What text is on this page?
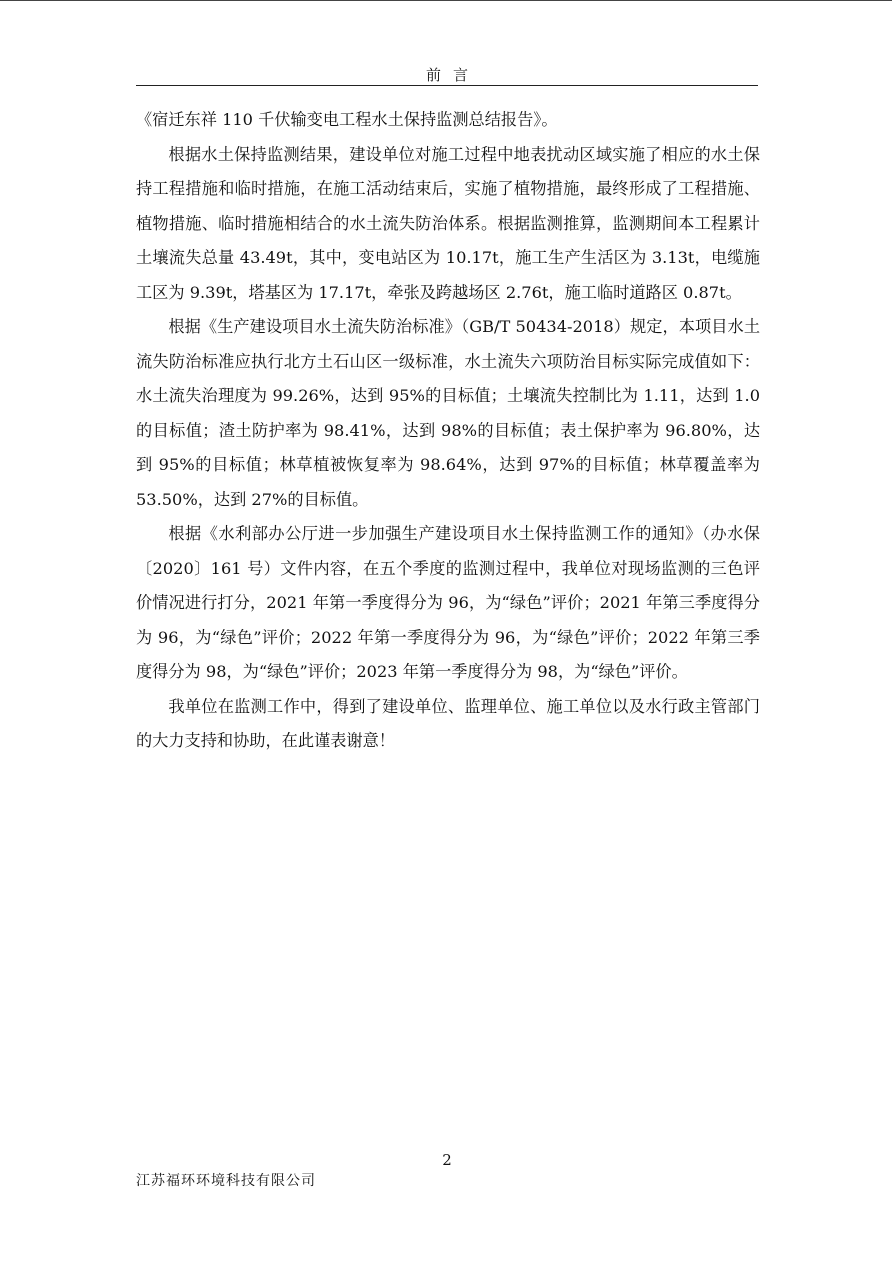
前言

《宿迁东祥 110 千伏输变电工程水土保持监测总结报告》。

根据水土保持监测结果，建设单位对施工过程中地表扰动区域实施了相应的水土保持工程措施和临时措施，在施工活动结束后，实施了植物措施，最终形成了工程措施、植物措施、临时措施相结合的水土流失防治体系。根据监测推算，监测期间本工程累计土壤流失总量 43.49t，其中，变电站区为 10.17t，施工生产生活区为 3.13t，电缆施工区为 9.39t，塔基区为 17.17t，牵张及跨越场区 2.76t，施工临时道路区 0.87t。

根据《生产建设项目水土流失防治标准》（GB/T 50434-2018）规定，本项目水土流失防治标准应执行北方土石山区一级标准，水土流失六项防治目标实际完成值如下：水土流失治理度为 99.26%，达到 95%的目标值；土壤流失控制比为 1.11，达到 1.0 的目标值；渣土防护率为 98.41%，达到 98%的目标值；表土保护率为 96.80%，达到 95%的目标值；林草植被恢复率为 98.64%，达到 97%的目标值；林草覆盖率为 53.50%，达到 27%的目标值。

根据《水利部办公厅进一步加强生产建设项目水土保持监测工作的通知》（办水保〔2020〕161 号）文件内容，在五个季度的监测过程中，我单位对现场监测的三色评价情况进行打分，2021 年第一季度得分为 96，为“绿色”评价；2021 年第三季度得分为 96，为“绿色”评价；2022 年第一季度得分为 96，为“绿色”评价；2022 年第三季度得分为 98，为“绿色”评价；2023 年第一季度得分为 98，为“绿色”评价。

我单位在监测工作中，得到了建设单位、监理单位、施工单位以及水行政主管部门的大力支持和协助，在此谨表谢意！

2
江苏福环环境科技有限公司
